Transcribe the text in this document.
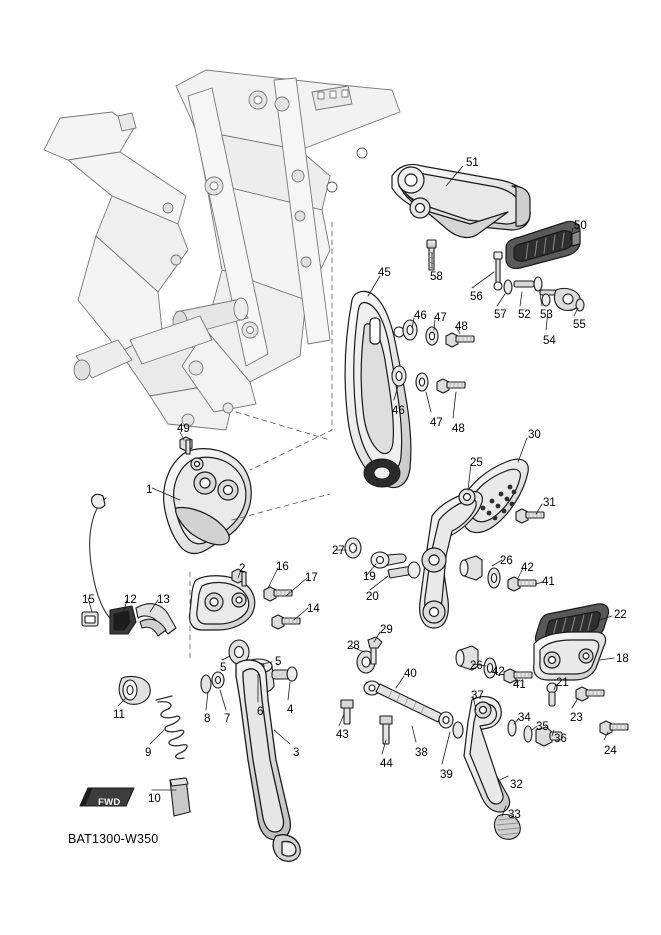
FWD
BAT1300-W350
51
50
58
56
57 52 53
54
55
45
46 47
48
46
47 48	30
25
31
49
1
27
26
42
41
19
20
2	16
17
14	22
15	12 13
18
28
29
26 42
41
5	5
40
21
23
37
34
35
36
24
11	8 7
6 4
43
44
38
39
9	3
32
33
10
